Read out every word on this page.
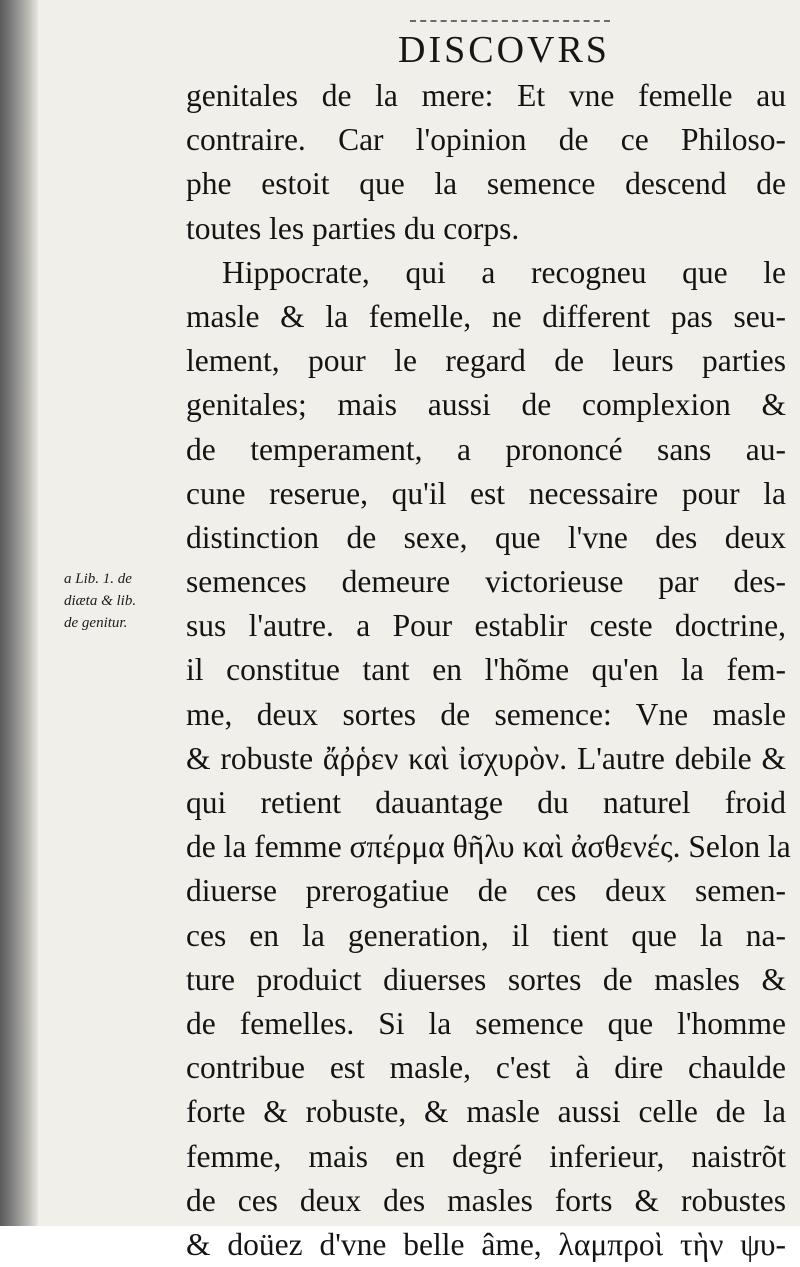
DISCOVRS
a Lib. 1. de
diæta & lib.
de genitur.
genitales de la mere: Et vne femelle au
contraire. Car l'opinion de ce Philoso-
phe estoit que la semence descend de
toutes les parties du corps.
Hippocrate, qui a recogneu que le
masle & la femelle, ne different pas seu-
lement, pour le regard de leurs parties
genitales; mais aussi de complexion &
de temperament, a prononcé sans au-
cune reserue, qu'il est necessaire pour la
distinction de sexe, que l'vne des deux
semences demeure victorieuse par des-
sus l'autre. a Pour establir ceste doctrine,
il constitue tant en l'hõme qu'en la fem-
me, deux sortes de semence: Vne masle
& robuste ἄῤῥεν καὶ ἰσχυρὸν. L'autre debile &
qui retient dauantage du naturel froid
de la femme σπέρμα θῆλυ καὶ ἀσθενές. Selon la
diuerse prerogatiue de ces deux semen-
ces en la generation, il tient que la na-
ture produict diuerses sortes de masles &
de femelles. Si la semence que l'homme
contribue est masle, c'est à dire chaulde
forte & robuste, & masle aussi celle de la
femme, mais en degré inferieur, naistrõt
de ces deux des masles forts & robustes
& doüez d'vne belle âme, λαμπροὶ τὴν ψυ-
